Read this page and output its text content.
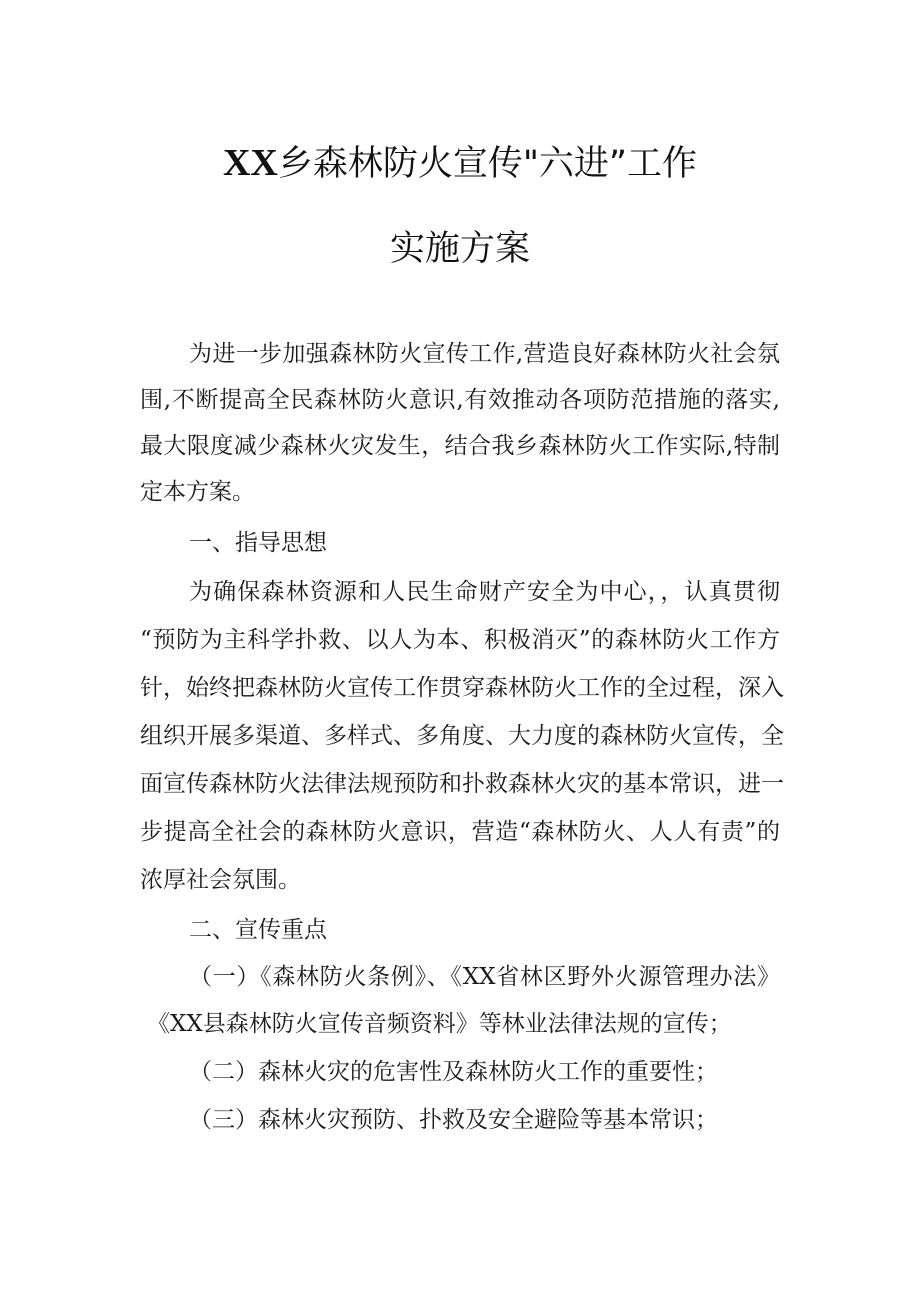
XX乡森林防火宣传"六进”工作
实施方案
为进一步加强森林防火宣传工作,营造良好森林防火社会氛
围,不断提高全民森林防火意识,有效推动各项防范措施的落实,
最大限度减少森林火灾发生，结合我乡森林防火工作实际,特制
定本方案。
一、指导思想
为确保森林资源和人民生命财产安全为中心，，认真贯彻
“预防为主科学扑救、以人为本、积极消灭”的森林防火工作方
针，始终把森林防火宣传工作贯穿森林防火工作的全过程，深入
组织开展多渠道、多样式、多角度、大力度的森林防火宣传，全
面宣传森林防火法律法规预防和扑救森林火灾的基本常识，进一
步提高全社会的森林防火意识，营造“森林防火、人人有责”的
浓厚社会氛围。
二、宣传重点
（一）《森林防火条例》、《XX省林区野外火源管理办法》
《XX县森林防火宣传音频资料》等林业法律法规的宣传；
（二）森林火灾的危害性及森林防火工作的重要性；
（三）森林火灾预防、扑救及安全避险等基本常识；
